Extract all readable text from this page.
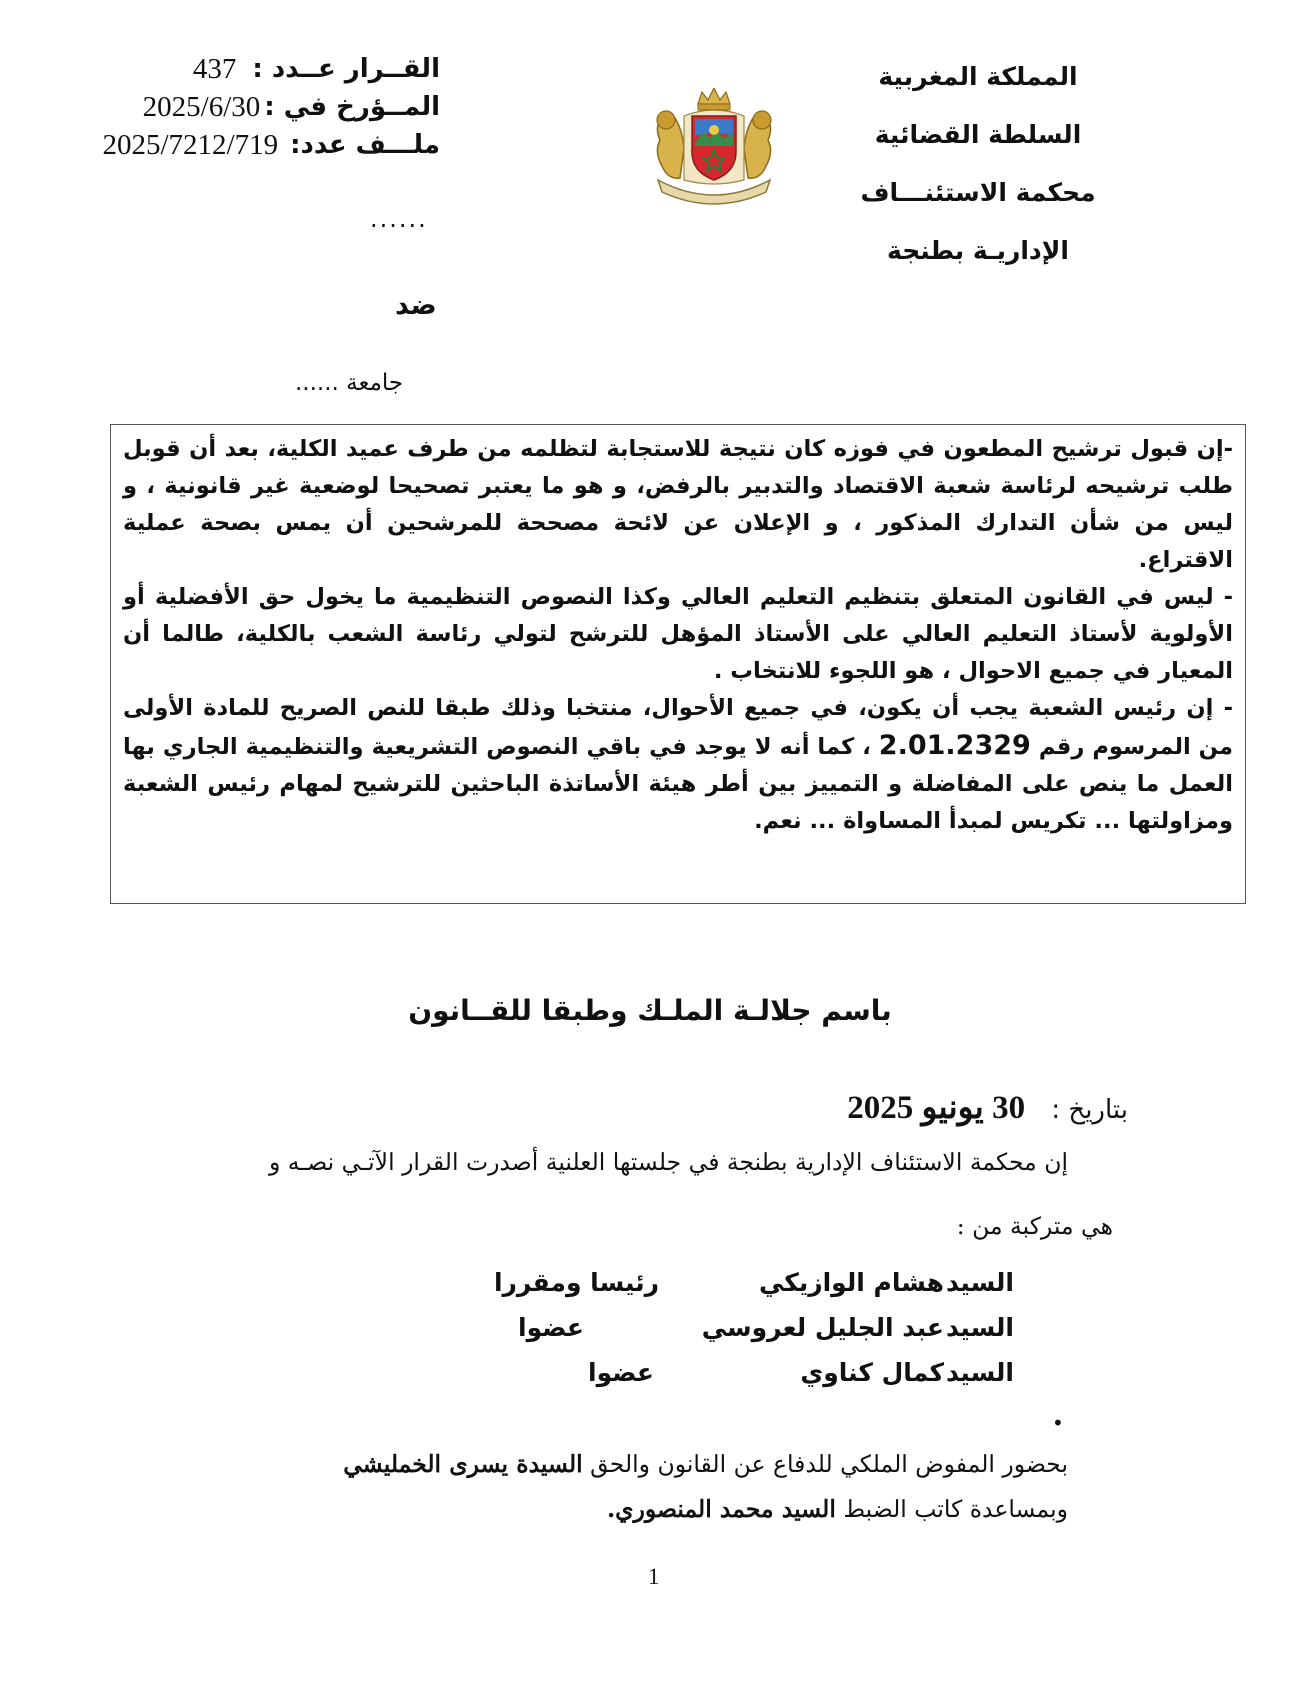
المملكة المغربية
السلطة القضائية
محكمة الاستئنـــاف
الإداريـة بطنجة
القــرار عــدد :
437
المــؤرخ في :
2025/6/30
ملـــف عدد:
2025/7212/719
......
ضد
جامعة ......

-إن قبول ترشيح المطعون في فوزه كان نتيجة للاستجابة لتظلمه من طرف عميد الكلية، بعد أن قوبل طلب ترشيحه لرئاسة شعبة الاقتصاد والتدبير بالرفض، و هو ما يعتبر تصحيحا لوضعية غير قانونية ، و ليس من شأن التدارك المذكور ، و الإعلان عن لائحة مصححة للمرشحين أن يمس بصحة عملية الاقتراع.

- ليس في القانون المتعلق بتنظيم التعليم العالي وكذا النصوص التنظيمية ما يخول حق الأفضلية أو الأولوية لأستاذ التعليم العالي على الأستاذ المؤهل للترشح لتولي رئاسة الشعب بالكلية، طالما أن المعيار في جميع الاحوال ، هو اللجوء للانتخاب .

- إن رئيس الشعبة يجب أن يكون، في جميع الأحوال، منتخبا وذلك طبقا للنص الصريح للمادة الأولى من المرسوم رقم 2.01.2329 ، كما أنه لا يوجد في باقي النصوص التشريعية والتنظيمية الجاري بها العمل ما ينص على المفاضلة و التمييز بين أطر هيئة الأساتذة الباحثين للترشيح لمهام رئيس الشعبة ومزاولتها ... تكريس لمبدأ المساواة ... نعم.

باسم جلالـة الملـك وطبقا للقــانون
بتاريخ : 30 يونيو 2025
إن محكمة الاستئناف الإدارية بطنجة في جلستها العلنية أصدرت القرار الآتـي نصـه و
هي متركبة من :
السيد
هشام الوازيكي
رئيسا ومقررا
السيد
عبد الجليل لعروسي
عضوا
السيد
كمال كناوي
عضوا
•
بحضور المفوض الملكي للدفاع عن القانون والحق السيدة يسرى الخمليشي
وبمساعدة كاتب الضبط السيد محمد المنصوري.
1
